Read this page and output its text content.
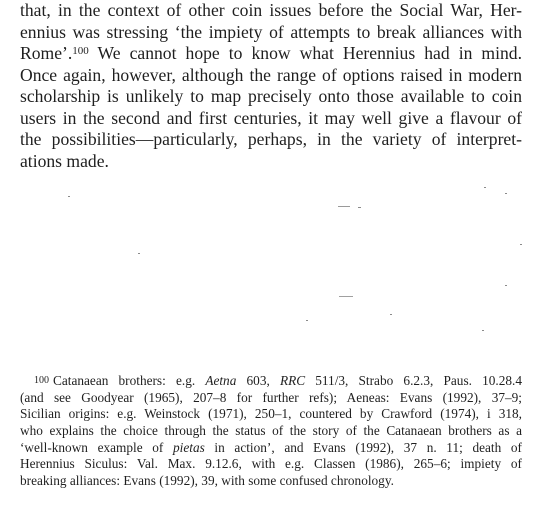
that, in the context of other coin issues before the Social War, Her-
ennius was stressing ‘the impiety of attempts to break alliances with
Rome’.$^{100}$ We cannot hope to know what Herennius had in mind.
Once again, however, although the range of options raised in modern
scholarship is unlikely to map precisely onto those available to coin
users in the second and first centuries, it may well give a flavour of
the possibilities—particularly, perhaps, in the variety of interpret-
ations made.
100 Catanaean brothers: e.g. Aetna 603, RRC 511/3, Strabo 6.2.3, Paus. 10.28.4
(and see Goodyear (1965), 207–8 for further refs); Aeneas: Evans (1992), 37–9;
Sicilian origins: e.g. Weinstock (1971), 250–1, countered by Crawford (1974), i 318,
who explains the choice through the status of the story of the Catanaean brothers as a
‘well-known example of pietas in action’, and Evans (1992), 37 n. 11; death of
Herennius Siculus: Val. Max. 9.12.6, with e.g. Classen (1986), 265–6; impiety of
breaking alliances: Evans (1992), 39, with some confused chronology.
